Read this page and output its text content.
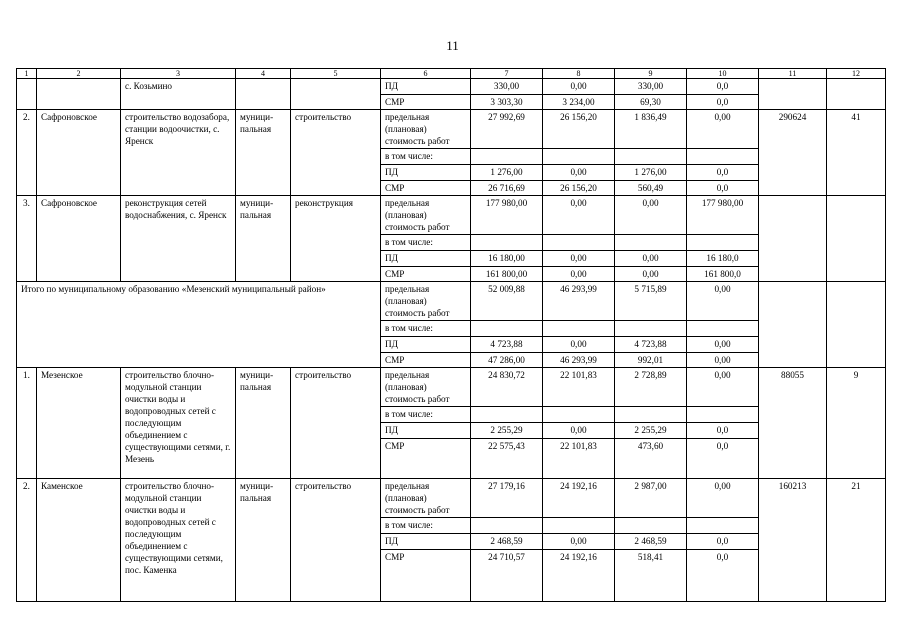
11
1	2	3	4	5	6	7	8	9	10	11	12
		с. Козьмино			ПД	330,00	0,00	330,00	0,0		
					СМР	3 303,30	3 234,00	69,30	0,0		
2.	Сафроновское	строительство водозабора, станции водоочистки, с. Яренск	муници-пальная	строительство	предельная (плановая) стоимость работ	27 992,69	26 156,20	1 836,49	0,00	290624	41
					в том числе:						
					ПД	1 276,00	0,00	1 276,00	0,0		
					СМР	26 716,69	26 156,20	560,49	0,0		
3.	Сафроновское	реконструкция сетей водоснабжения, с. Яренск	муници-пальная	реконструкция	предельная (плановая) стоимость работ	177 980,00	0,00	0,00	177 980,00		
					в том числе:						
					ПД	16 180,00	0,00	0,00	16 180,0		
					СМР	161 800,00	0,00	0,00	161 800,0		
Итого по муниципальному образованию «Мезенский муниципальный район»					предельная (плановая) стоимость работ	52 009,88	46 293,99	5 715,89	0,00		
					в том числе:						
					ПД	4 723,88	0,00	4 723,88	0,00		
					СМР	47 286,00	46 293,99	992,01	0,00		
1.	Мезенское	строительство блочно-модульной станции очистки воды и водопроводных сетей с последующим объединением с существующими сетями, г. Мезень	муници-пальная	строительство	предельная (плановая) стоимость работ	24 830,72	22 101,83	2 728,89	0,00	88055	9
					в том числе:						
					ПД	2 255,29	0,00	2 255,29	0,0		
					СМР	22 575,43	22 101,83	473,60	0,0		
2.	Каменское	строительство блочно-модульной станции очистки воды и водопроводных сетей с последующим объединением с существующими сетями, пос. Каменка	муници-пальная	строительство	предельная (плановая) стоимость работ	27 179,16	24 192,16	2 987,00	0,00	160213	21
					в том числе:						
					ПД	2 468,59	0,00	2 468,59	0,0		
					СМР	24 710,57	24 192,16	518,41	0,0		
